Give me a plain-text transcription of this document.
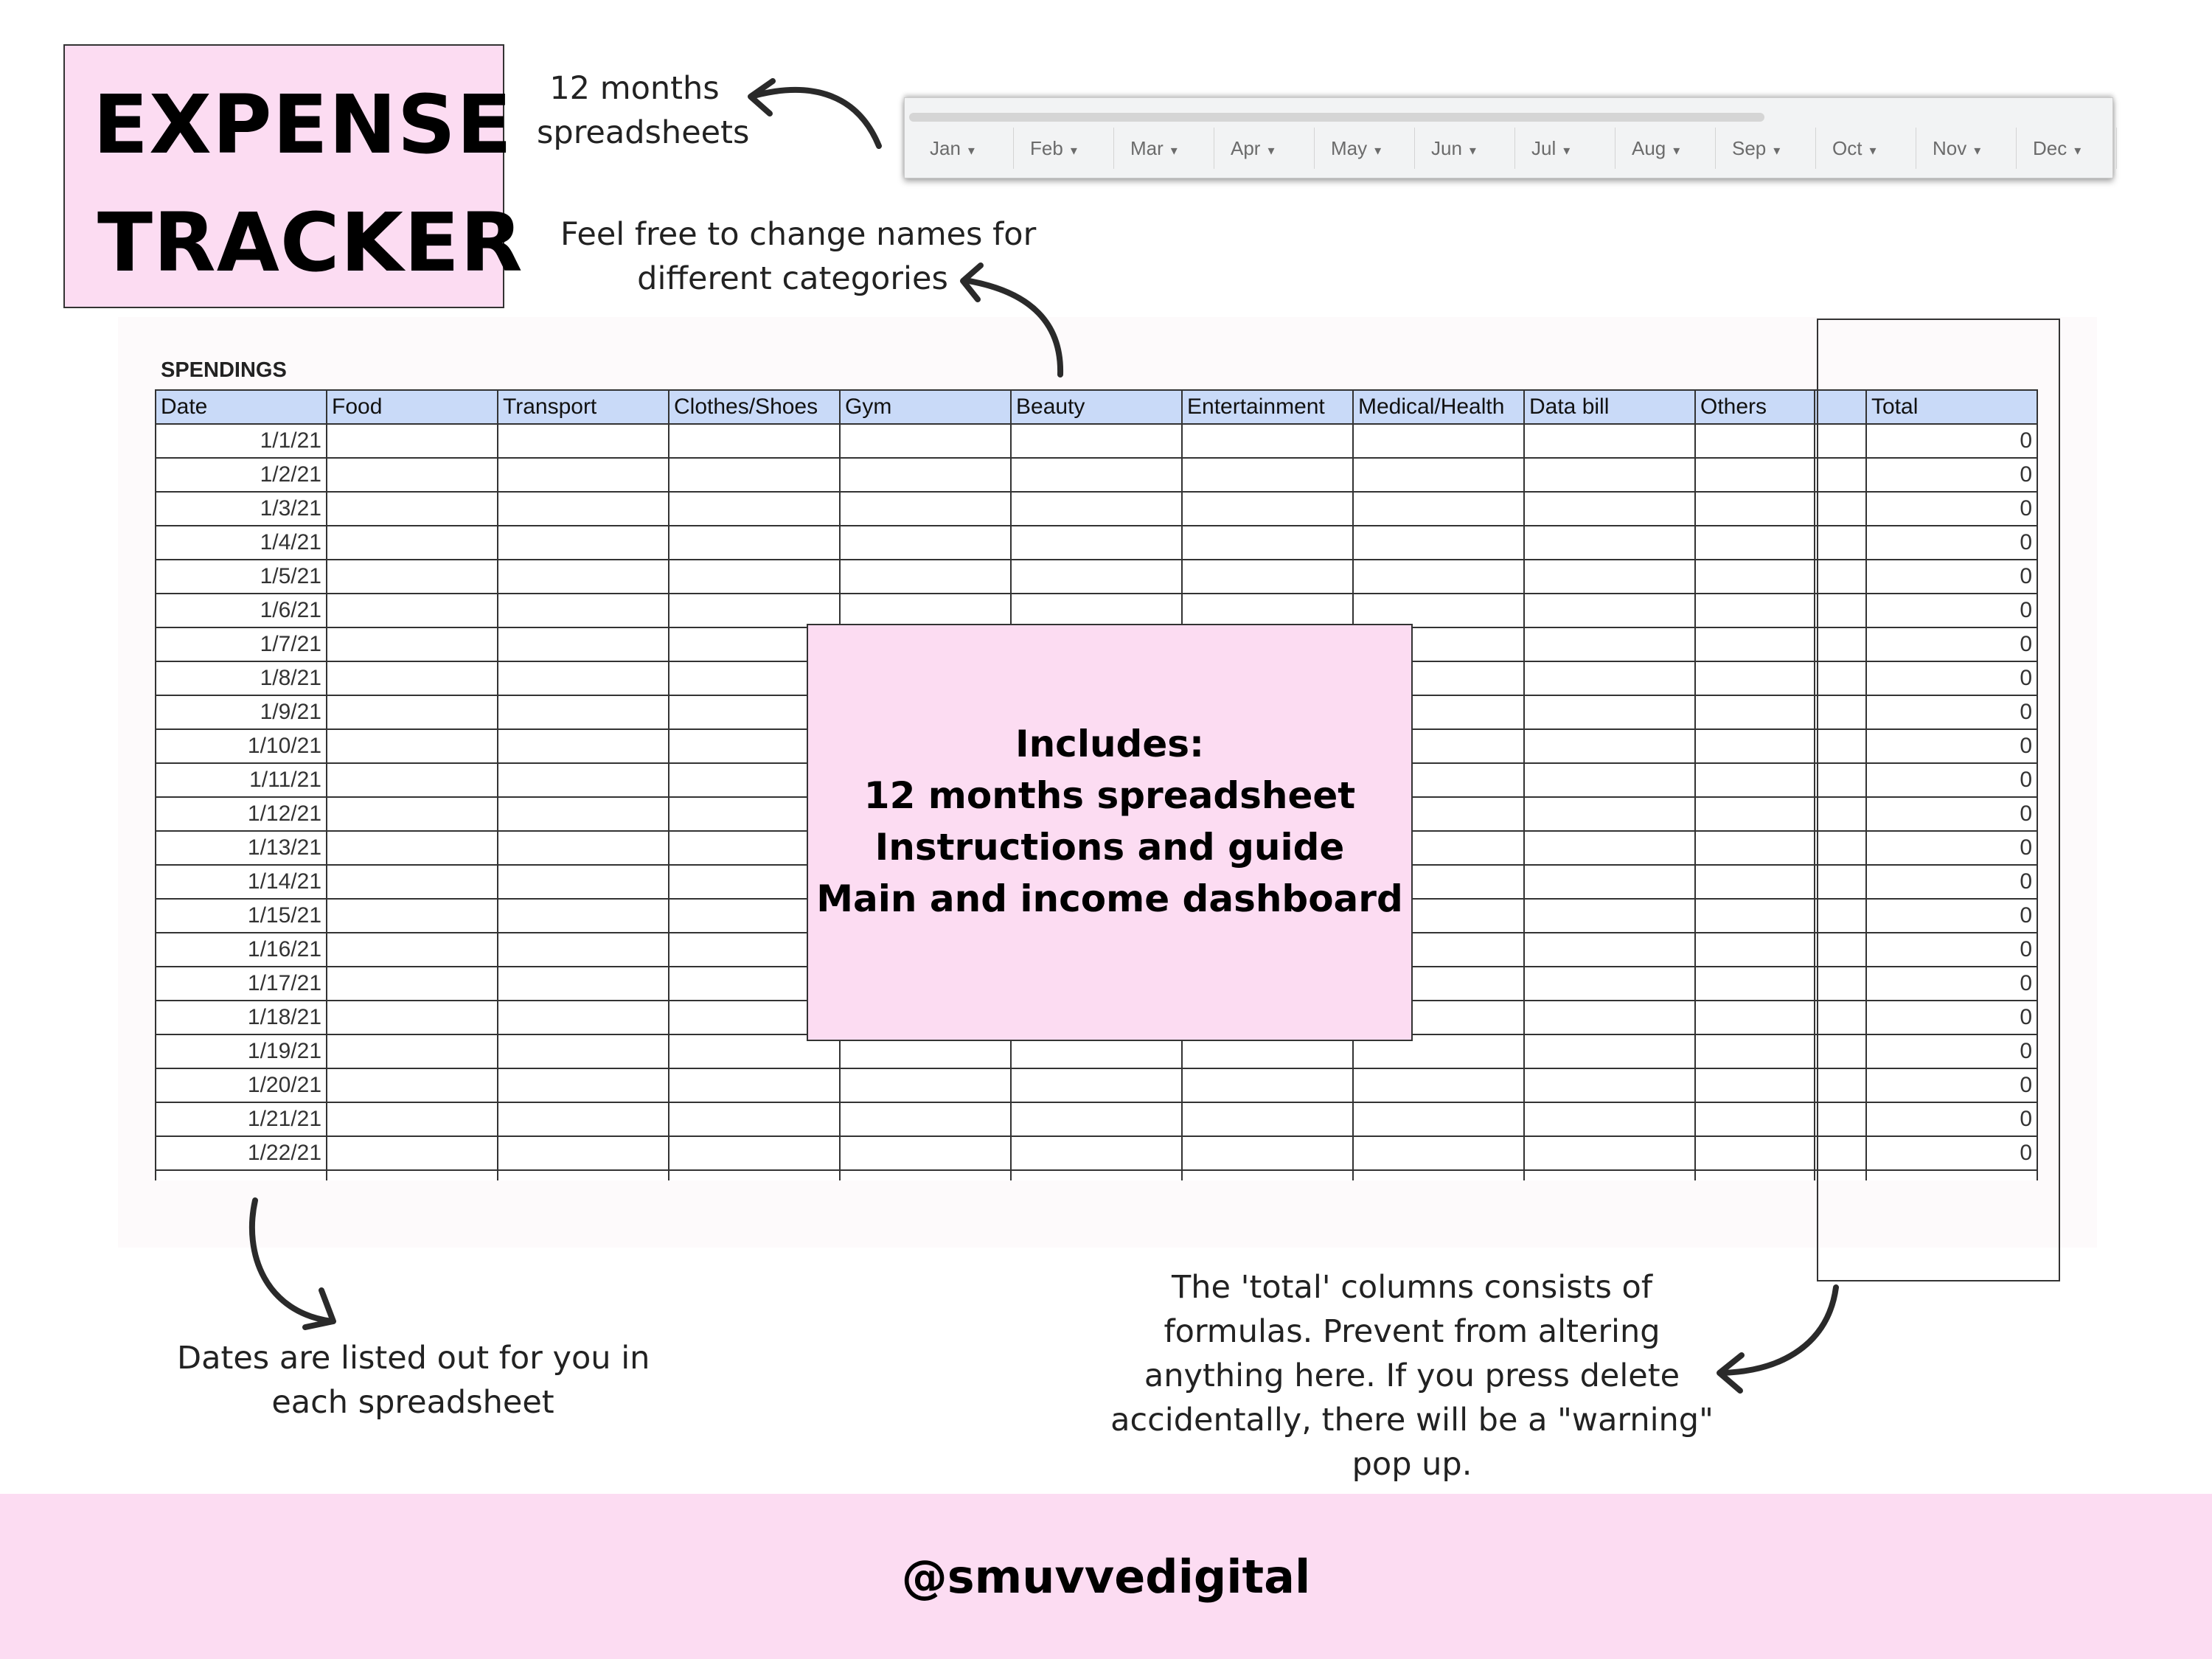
EXPENSE
TRACKER
12 months
spreadsheets
Feel free to change names for
different categories
Jan ▾	Feb ▾	Mar ▾	Apr ▾	May ▾	Jun ▾	Jul ▾	Aug ▾	Sep ▾	Oct ▾	Nov ▾	Dec ▾
SPENDINGS
Date	Food	Transport	Clothes/Shoes	Gym	Beauty	Entertainment	Medical/Health	Data bill	Others		Total
1/1/21											0
1/2/21											0
1/3/21											0
1/4/21											0
1/5/21											0
1/6/21											0
1/7/21											0
1/8/21											0
1/9/21											0
1/10/21											0
1/11/21											0
1/12/21											0
1/13/21											0
1/14/21											0
1/15/21											0
1/16/21											0
1/17/21											0
1/18/21											0
1/19/21											0
1/20/21											0
1/21/21											0
1/22/21											0

Includes:
12 months spreadsheet
Instructions and guide
Main and income dashboard
Dates are listed out for you in
each spreadsheet
The 'total' columns consists of
formulas. Prevent from altering
anything here. If you press delete
accidentally, there will be a "warning"
pop up.
@smuvvedigital
